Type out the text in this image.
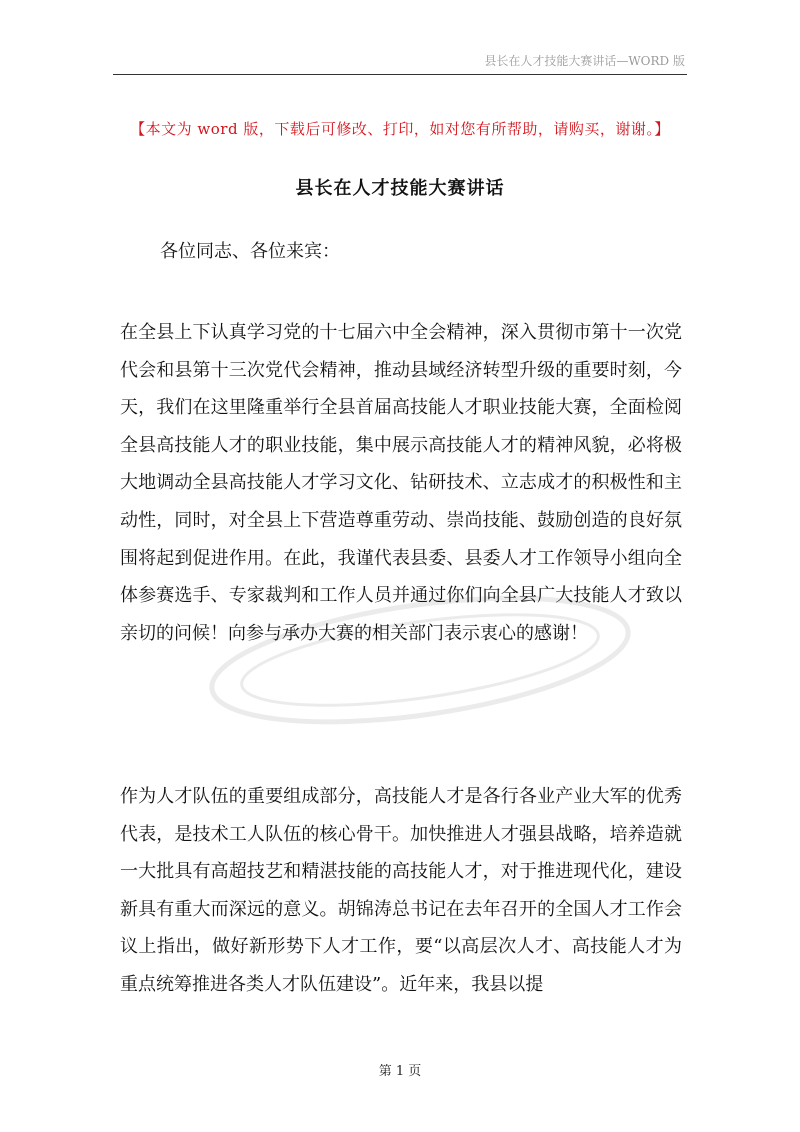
县长在人才技能大赛讲话—WORD 版
【本文为 word 版，下载后可修改、打印，如对您有所帮助，请购买，谢谢。】
县长在人才技能大赛讲话
各位同志、各位来宾：
在全县上下认真学习党的十七届六中全会精神，深入贯彻市第十一次党代会和县第十三次党代会精神，推动县域经济转型升级的重要时刻，今天，我们在这里隆重举行全县首届高技能人才职业技能大赛，全面检阅全县高技能人才的职业技能，集中展示高技能人才的精神风貌，必将极大地调动全县高技能人才学习文化、钻研技术、立志成才的积极性和主动性，同时，对全县上下营造尊重劳动、崇尚技能、鼓励创造的良好氛围将起到促进作用。在此，我谨代表县委、县委人才工作领导小组向全体参赛选手、专家裁判和工作人员并通过你们向全县广大技能人才致以亲切的问候！向参与承办大赛的相关部门表示衷心的感谢！
作为人才队伍的重要组成部分，高技能人才是各行各业产业大军的优秀代表，是技术工人队伍的核心骨干。加快推进人才强县战略，培养造就一大批具有高超技艺和精湛技能的高技能人才，对于推进现代化，建设新具有重大而深远的意义。胡锦涛总书记在去年召开的全国人才工作会议上指出，做好新形势下人才工作，要“以高层次人才、高技能人才为重点统筹推进各类人才队伍建设”。近年来，我县以提
第 1 页
